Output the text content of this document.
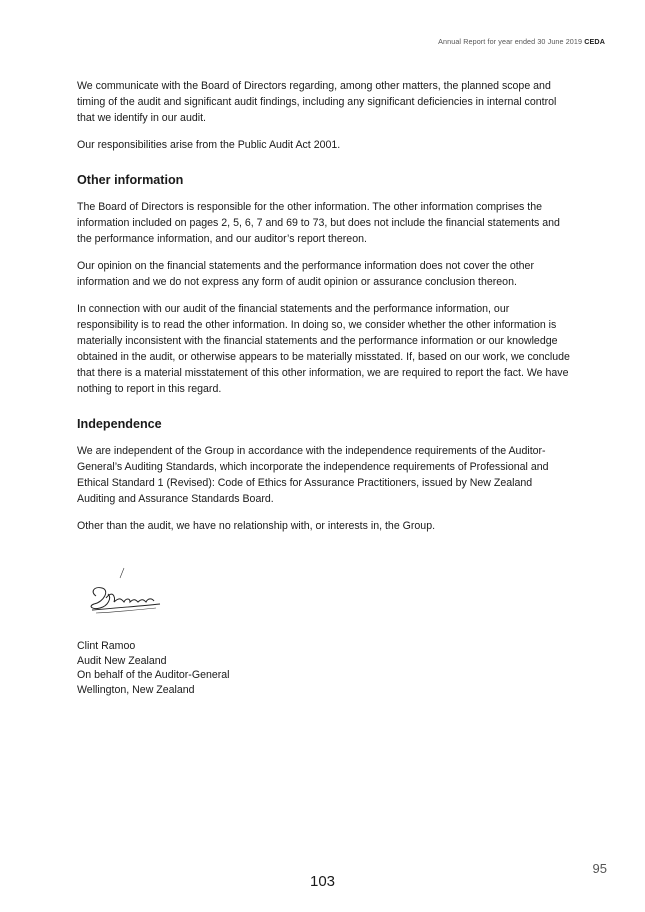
Annual Report for year ended 30 June 2019 CEDA

We communicate with the Board of Directors regarding, among other matters, the planned scope and timing of the audit and significant audit findings, including any significant deficiencies in internal control that we identify in our audit.

Our responsibilities arise from the Public Audit Act 2001.

Other information

The Board of Directors is responsible for the other information. The other information comprises the information included on pages 2, 5, 6, 7 and 69 to 73, but does not include the financial statements and the performance information, and our auditor’s report thereon.

Our opinion on the financial statements and the performance information does not cover the other information and we do not express any form of audit opinion or assurance conclusion thereon.

In connection with our audit of the financial statements and the performance information, our responsibility is to read the other information. In doing so, we consider whether the other information is materially inconsistent with the financial statements and the performance information or our knowledge obtained in the audit, or otherwise appears to be materially misstated. If, based on our work, we conclude that there is a material misstatement of this other information, we are required to report the fact. We have nothing to report in this regard.

Independence

We are independent of the Group in accordance with the independence requirements of the Auditor-General’s Auditing Standards, which incorporate the independence requirements of Professional and Ethical Standard 1 (Revised): Code of Ethics for Assurance Practitioners, issued by New Zealand Auditing and Assurance Standards Board.

Other than the audit, we have no relationship with, or interests in, the Group.

Clint Ramoo
Audit New Zealand
On behalf of the Auditor-General
Wellington, New Zealand
95
103
